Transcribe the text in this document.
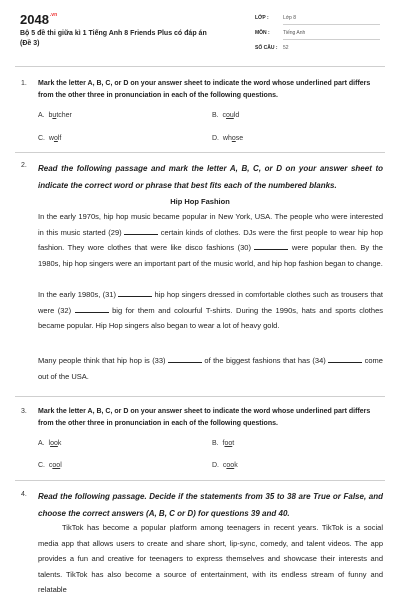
$2048^{.vn}$
Bộ 5 đề thi giữa kì 1 Tiếng Anh 8 Friends Plus có đáp án
(Đề 3)
LỚP :	Lớp 8
MÔN :	Tiếng Anh
SỐ CÂU : 52
1. Mark the letter A, B, C, or D on your answer sheet to indicate the word whose underlined part differs from the other three in pronunciation in each of the following questions.
A. butcher	B. could
C. wolf	D. whose
2. Read the following passage and mark the letter A, B, C, or D on your answer sheet to indicate the correct word or phrase that best fits each of the numbered blanks.
Hip Hop Fashion
In the early 1970s, hip hop music became popular in New York, USA. The people who were interested in this music started (29)	certain kinds of clothes. DJs were the first people to wear hip hop fashion. They wore clothes that were like disco fashions (30)	were popular then. By the 1980s, hip hop singers were an important part of the music world, and hip hop fashion began to change.
In the early 1980s, (31)	hip hop singers dressed in comfortable clothes such as trousers that were (32)	big for them and colourful T-shirts. During the 1990s, hats and sports clothes became popular. Hip Hop singers also began to wear a lot of heavy gold.
Many people think that hip hop is (33)	of the biggest fashions that has (34)	come out of the USA.
3. Mark the letter A, B, C, or D on your answer sheet to indicate the word whose underlined part differs from the other three in pronunciation in each of the following questions.
A. look	B. foot
C. cool	D. cook
4. Read the following passage. Decide if the statements from 35 to 38 are True or False, and choose the correct answers (A, B, C or D) for questions 39 and 40.
TikTok has become a popular platform among teenagers in recent years. TikTok is a social media app that allows users to create and share short, lip-sync, comedy, and talent videos. The app provides a fun and creative for teenagers to express themselves and showcase their interests and talents. TikTok has also become a source of entertainment, with its endless stream of funny and relatable
